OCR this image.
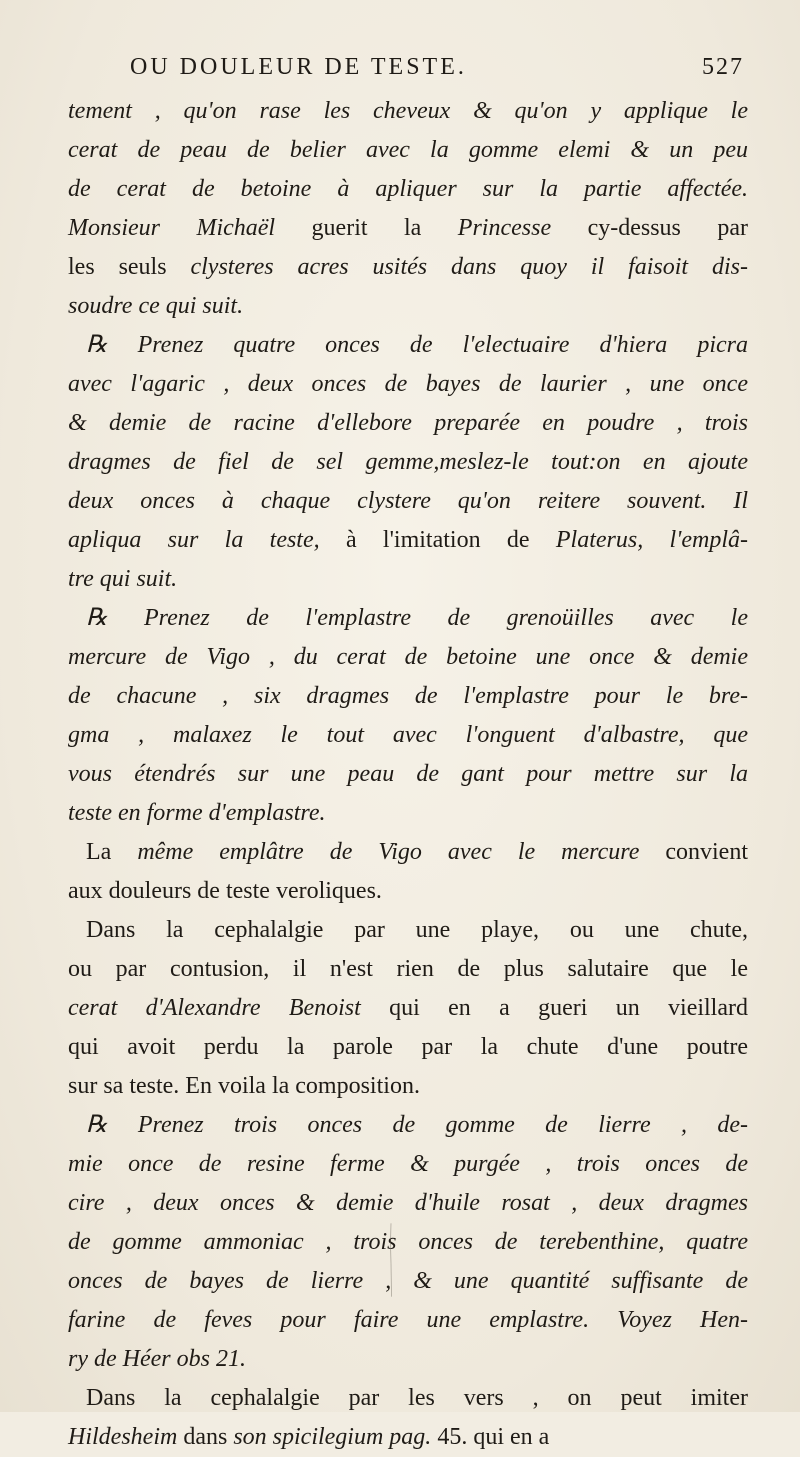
OU DOULEUR DE TESTE.	527
tement , qu'on rase les cheveux & qu'on y applique le
cerat de peau de belier avec la gomme elemi & un peu
de cerat de betoine à apliquer sur la partie affectée.
Monsieur Michaël guerit la Princesse cy-dessus par
les seuls clysteres acres usités dans quoy il faisoit dis-
soudre ce qui suit.
℞ Prenez quatre onces de l'electuaire d'hiera picra
avec l'agaric , deux onces de bayes de laurier , une once
& demie de racine d'ellebore preparée en poudre , trois
dragmes de fiel de sel gemme,meslez-le tout:on en ajoute
deux onces à chaque clystere qu'on reitere souvent. Il
apliqua sur la teste, à l'imitation de Platerus, l'emplâ-
tre qui suit.
℞ Prenez de l'emplastre de grenoüilles avec le
mercure de Vigo , du cerat de betoine une once & demie
de chacune , six dragmes de l'emplastre pour le bre-
gma , malaxez le tout avec l'onguent d'albastre, que
vous étendrés sur une peau de gant pour mettre sur la
teste en forme d'emplastre.
La même emplâtre de Vigo avec le mercure convient
aux douleurs de teste veroliques.
Dans la cephalalgie par une playe, ou une chute,
ou par contusion, il n'est rien de plus salutaire que le
cerat d'Alexandre Benoist qui en a gueri un vieillard
qui avoit perdu la parole par la chute d'une poutre
sur sa teste. En voila la composition.
℞ Prenez trois onces de gomme de lierre , de-
mie once de resine ferme & purgée , trois onces de
cire , deux onces & demie d'huile rosat , deux dragmes
de gomme ammoniac , trois onces de terebenthine, quatre
onces de bayes de lierre , & une quantité suffisante de
farine de feves pour faire une emplastre. Voyez Hen-
ry de Héer obs 21.
Dans la cephalalgie par les vers , on peut imiter
Hildesheim dans son spicilegium pag. 45. qui en a
